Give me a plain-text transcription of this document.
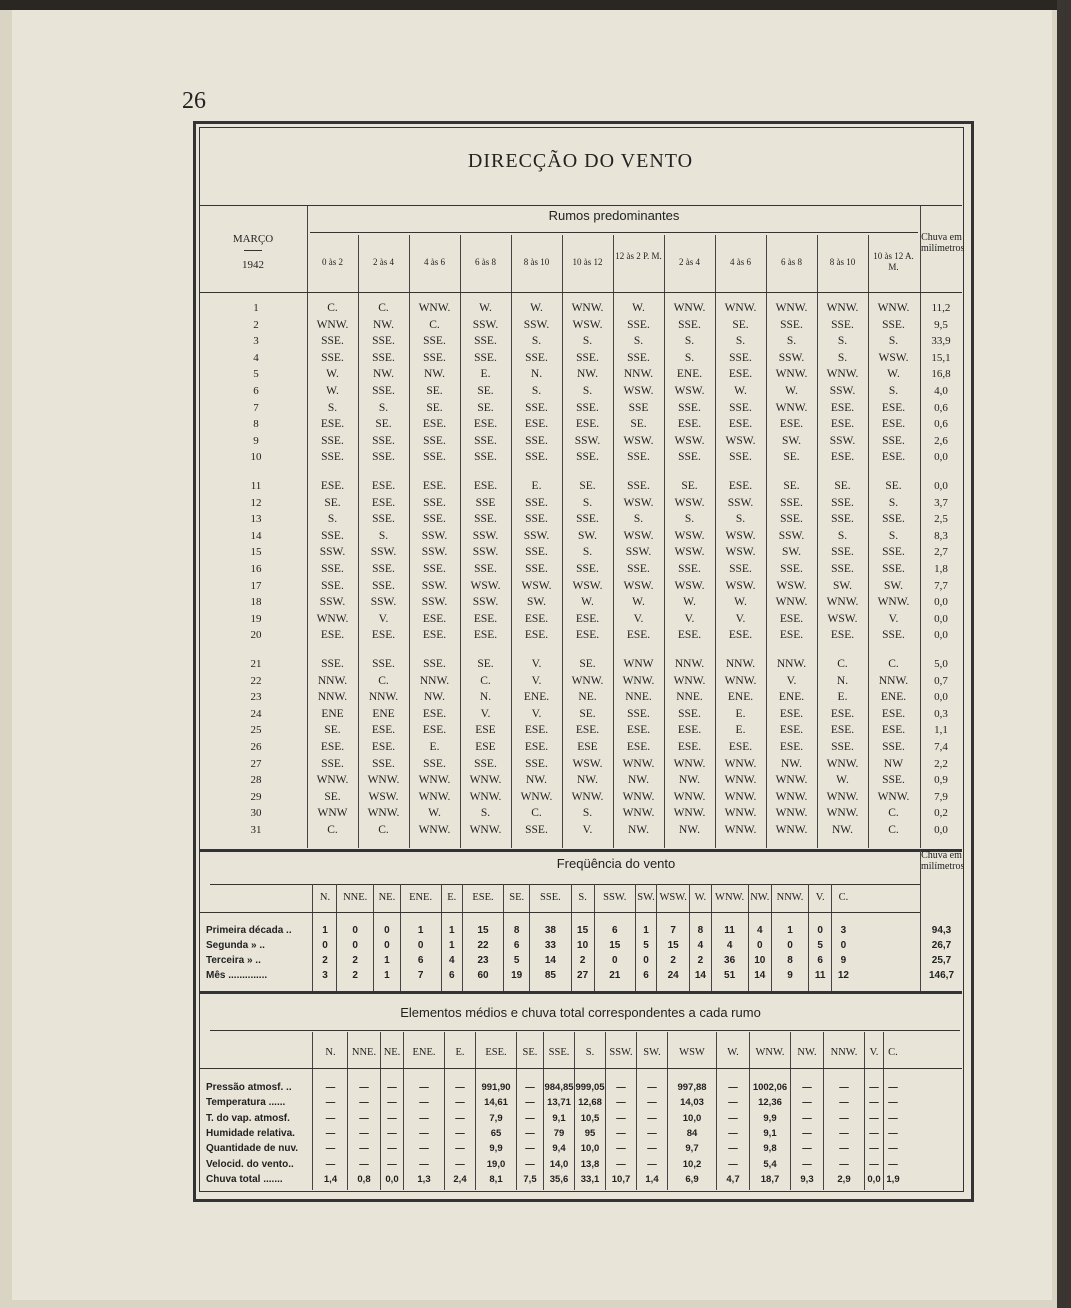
26
DIRECÇÃO DO VENTO
MARÇO
1942
Rumos predominantes
Chuva em milímetros
0 às 2	2 às 4	4 às 6	6 às 8	8 às 10	10 às 12
12 às 2 P. M.
2 às 4	4 às 6	6 às 8	8 às 10
10 às 12 A. M.
1	C.	C.	WNW.	W.	W.	WNW.	W.	WNW.	WNW.	WNW.	WNW.	WNW.	11,2
2	WNW.	NW.	C.	SSW.	SSW.	WSW.	SSE.	SSE.	SE.	SSE.	SSE.	SSE.	9,5
3	SSE.	SSE.	SSE.	SSE.	S.	S.	S.	S.	S.	S.	S.	S.	33,9
4	SSE.	SSE.	SSE.	SSE.	SSE.	SSE.	SSE.	S.	SSE.	SSW.	S.	WSW.	15,1
5	W.	NW.	NW.	E.	N.	NW.	NNW.	ENE.	ESE.	WNW.	WNW.	W.	16,8
6	W.	SSE.	SE.	SE.	S.	S.	WSW.	WSW.	W.	W.	SSW.	S.	4,0
7	S.	S.	SE.	SE.	SSE.	SSE.	SSE	SSE.	SSE.	WNW.	ESE.	ESE.	0,6
8	ESE.	SE.	ESE.	ESE.	ESE.	ESE.	SE.	ESE.	ESE.	ESE.	ESE.	ESE.	0,6
9	SSE.	SSE.	SSE.	SSE.	SSE.	SSW.	WSW.	WSW.	WSW.	SW.	SSW.	SSE.	2,6
10	SSE.	SSE.	SSE.	SSE.	SSE.	SSE.	SSE.	SSE.	SSE.	SE.	ESE.	ESE.	0,0
11	ESE.	ESE.	ESE.	ESE.	E.	SE.	SSE.	SE.	ESE.	SE.	SE.	SE.	0,0
12	SE.	ESE.	SSE.	SSE	SSE.	S.	WSW.	WSW.	SSW.	SSE.	SSE.	S.	3,7
13	S.	SSE.	SSE.	SSE.	SSE.	SSE.	S.	S.	S.	SSE.	SSE.	SSE.	2,5
14	SSE.	S.	SSW.	SSW.	SSW.	SW.	WSW.	WSW.	WSW.	SSW.	S.	S.	8,3
15	SSW.	SSW.	SSW.	SSW.	SSE.	S.	SSW.	WSW.	WSW.	SW.	SSE.	SSE.	2,7
16	SSE.	SSE.	SSE.	SSE.	SSE.	SSE.	SSE.	SSE.	SSE.	SSE.	SSE.	SSE.	1,8
17	SSE.	SSE.	SSW.	WSW.	WSW.	WSW.	WSW.	WSW.	WSW.	WSW.	SW.	SW.	7,7
18	SSW.	SSW.	SSW.	SSW.	SW.	W.	W.	W.	W.	WNW.	WNW.	WNW.	0,0
19	WNW.	V.	ESE.	ESE.	ESE.	ESE.	V.	V.	V.	ESE.	WSW.	V.	0,0
20	ESE.	ESE.	ESE.	ESE.	ESE.	ESE.	ESE.	ESE.	ESE.	ESE.	ESE.	SSE.	0,0
21	SSE.	SSE.	SSE.	SE.	V.	SE.	WNW	NNW.	NNW.	NNW.	C.	C.	5,0
22	NNW.	C.	NNW.	C.	V.	WNW.	WNW.	WNW.	WNW.	V.	N.	NNW.	0,7
23	NNW.	NNW.	NW.	N.	ENE.	NE.	NNE.	NNE.	ENE.	ENE.	E.	ENE.	0,0
24	ENE	ENE	ESE.	V.	V.	SE.	SSE.	SSE.	E.	ESE.	ESE.	ESE.	0,3
25	SE.	ESE.	ESE.	ESE	ESE.	ESE.	ESE.	ESE.	E.	ESE.	ESE.	ESE.	1,1
26	ESE.	ESE.	E.	ESE	ESE.	ESE	ESE.	ESE.	ESE.	ESE.	SSE.	SSE.	7,4
27	SSE.	SSE.	SSE.	SSE.	SSE.	WSW.	WNW.	WNW.	WNW.	NW.	WNW.	NW	2,2
28	WNW.	WNW.	WNW.	WNW.	NW.	NW.	NW.	NW.	WNW.	WNW.	W.	SSE.	0,9
29	SE.	WSW.	WNW.	WNW.	WNW.	WNW.	WNW.	WNW.	WNW.	WNW.	WNW.	WNW.	7,9
30	WNW	WNW.	W.	S.	C.	S.	WNW.	WNW.	WNW.	WNW.	WNW.	C.	0,2
31	C.	C.	WNW.	WNW.	SSE.	V.	NW.	NW.	WNW.	WNW.	NW.	C.	0,0
Freqüência do vento
Chuva em milímetros
N.	NNE.	NE.	ENE.	E.	ESE.	SE.	SSE.	S.	SSW.	SW. WSW. W. WNW. NW. NNW.	V.	C.
Primeira década ..	1	0	0	1	1	15	8	38	15	6	1	7	8	11	4	1	0	3	94,3
Segunda » ..	0	0	0	0	1	22	6	33	10	15	5	15	4	4	0	0	5	0	26,7
Terceira » ..	2	2	1	6	4	23	5	14	2	0	0	2	2	36	10	8	6	9	25,7
Mês ..............	3	2	1	7	6	60	19	85	27	21	6	24	14	51	14	9	11	12	146,7
Elementos médios e chuva total correspondentes a cada rumo
N.	NNE. NE.	ENE.	E.	ESE.	SE.	SSE.	S.	SSW.	SW.	WSW	W.	WNW.	NW.	NNW.	V. C.
Pressão atmosf. ..	—	—	—	—	—	991,90	—	984,85 999,05	—	—	997,88	—	1002,06	—	—	—	—
Temperatura ......	—	—	—	—	—	14,61	—	13,71 12,68	—	—	14,03	—	12,36	—	—	—	—
T. do vap. atmosf.	—	—	—	—	—	7,9	—	9,1	10,5	—	—	10,0	—	9,9	—	—	—	—
Humidade relativa.	—	—	—	—	—	65	—	79	95	—	—	84	—	9,1	—	—	—	—
Quantidade de nuv.	—	—	—	—	—	9,9	—	9,4	10,0	—	—	9,7	—	9,8	—	—	—	—
Velocid. do vento..	—	—	—	—	—	19,0	—	14,0	13,8	—	—	10,2	—	5,4	—	—	—	—
Chuva total .......	1,4	0,8	0,0	1,3	2,4	8,1	7,5	35,6	33,1	10,7	1,4	6,9	4,7	18,7	9,3	2,9	0,0 1,9
